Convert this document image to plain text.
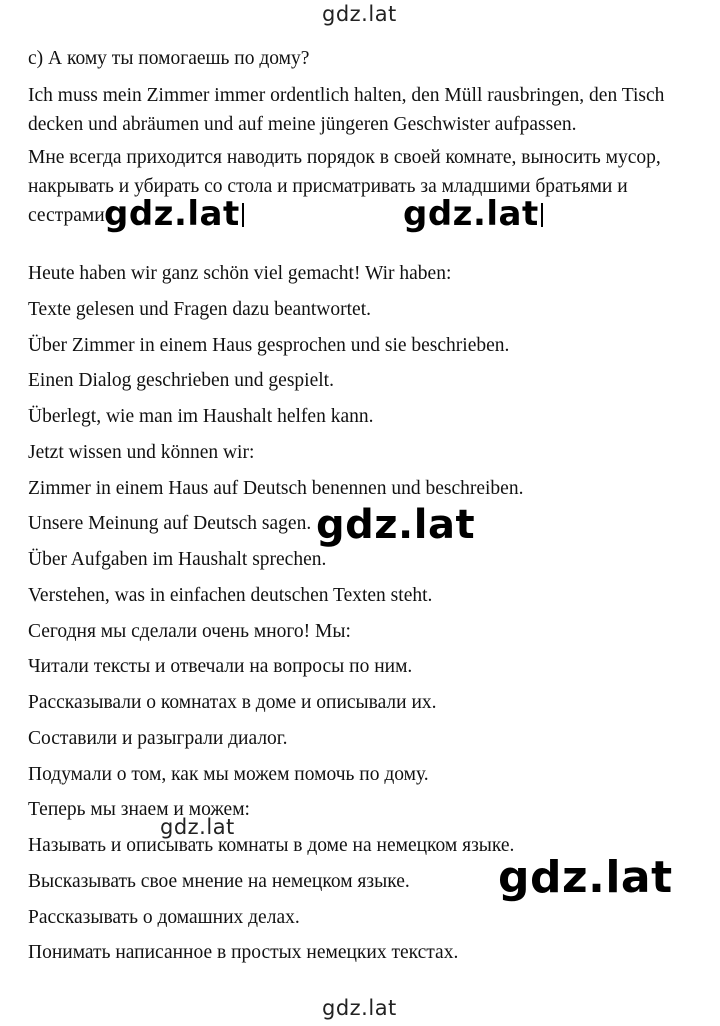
gdz.lat

с) А кому ты помогаешь по дому?

Ich muss mein Zimmer immer ordentlich halten, den Müll rausbringen, den Tisch decken und abräumen und auf meine jüngeren Geschwister aufpassen.

Мне всегда приходится наводить порядок в своей комнате, выносить мусор, накрывать и убирать со стола и присматривать за младшими братьями и сестрами gdz.lat	gdz.lat

Heute haben wir ganz schön viel gemacht! Wir haben:

Texte gelesen und Fragen dazu beantwortet.

Über Zimmer in einem Haus gesprochen und sie beschrieben.

Einen Dialog geschrieben und gespielt.

Überlegt, wie man im Haushalt helfen kann.

Jetzt wissen und können wir:

Zimmer in einem Haus auf Deutsch benennen und beschreiben.

Unsere Meinung auf Deutsch sagen. gdz.lat

Über Aufgaben im Haushalt sprechen.

Verstehen, was in einfachen deutschen Texten steht.

Сегодня мы сделали очень много! Мы:

Читали тексты и отвечали на вопросы по ним.

Рассказывали о комнатах в доме и описывали их.

Составили и разыграли диалог.

Подумали о том, как мы можем помочь по дому.

Теперь мы знаем и можем:

gdz.lat

Называть и описывать комнаты в доме на немецком языке.

gdz.lat

Высказывать свое мнение на немецком языке.

Рассказывать о домашних делах.

Понимать написанное в простых немецких текстах.

gdz.lat
